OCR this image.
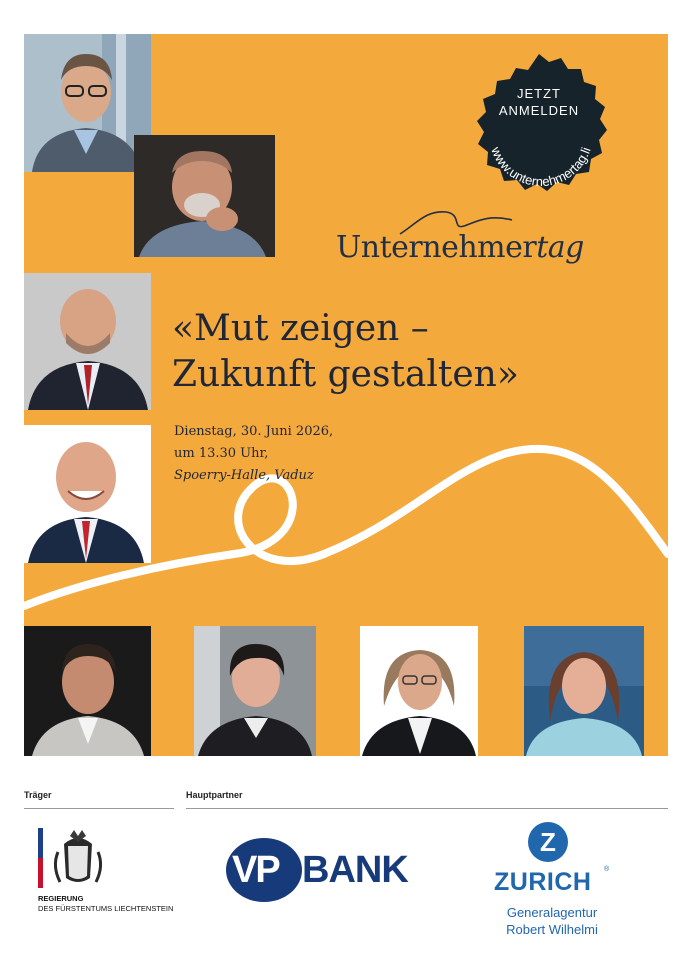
JETZT
ANMELDEN
www.unternehmertag.li
Unternehmertag
«Mut zeigen –
Zukunft gestalten»
Dienstag, 30. Juni 2026,
um 13.30 Uhr,
Spoerry-Halle, Vaduz
Träger	Hauptpartner
REGIERUNG
DES FÜRSTENTUMS LIECHTENSTEIN
VP BANK
Z
ZURICH ®
Generalagentur
Robert Wilhelmi
